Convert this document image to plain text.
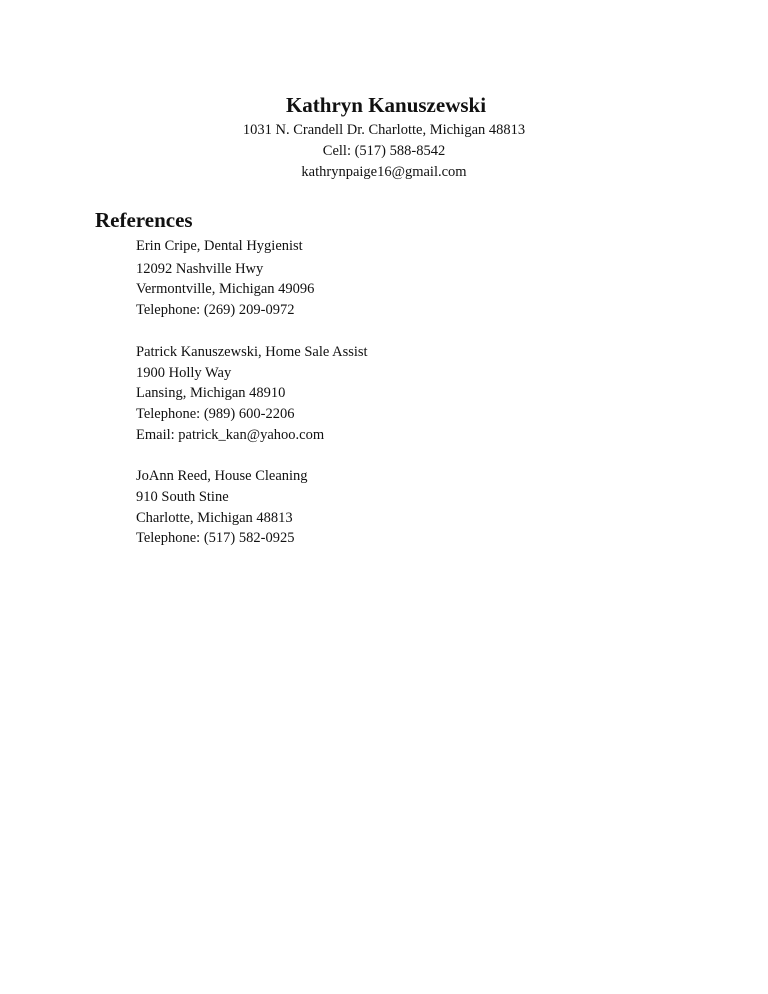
Kathryn Kanuszewski

1031 N. Crandell Dr. Charlotte, Michigan 48813

Cell: (517) 588-8542

kathrynpaige16@gmail.com

References
Erin Cripe, Dental Hygienist
12092 Nashville Hwy
Vermontville, Michigan 49096
Telephone: (269) 209-0972
Patrick Kanuszewski, Home Sale Assist
1900 Holly Way
Lansing, Michigan 48910
Telephone: (989) 600-2206
Email: patrick_kan@yahoo.com
JoAnn Reed, House Cleaning
910 South Stine
Charlotte, Michigan 48813
Telephone: (517) 582-0925
